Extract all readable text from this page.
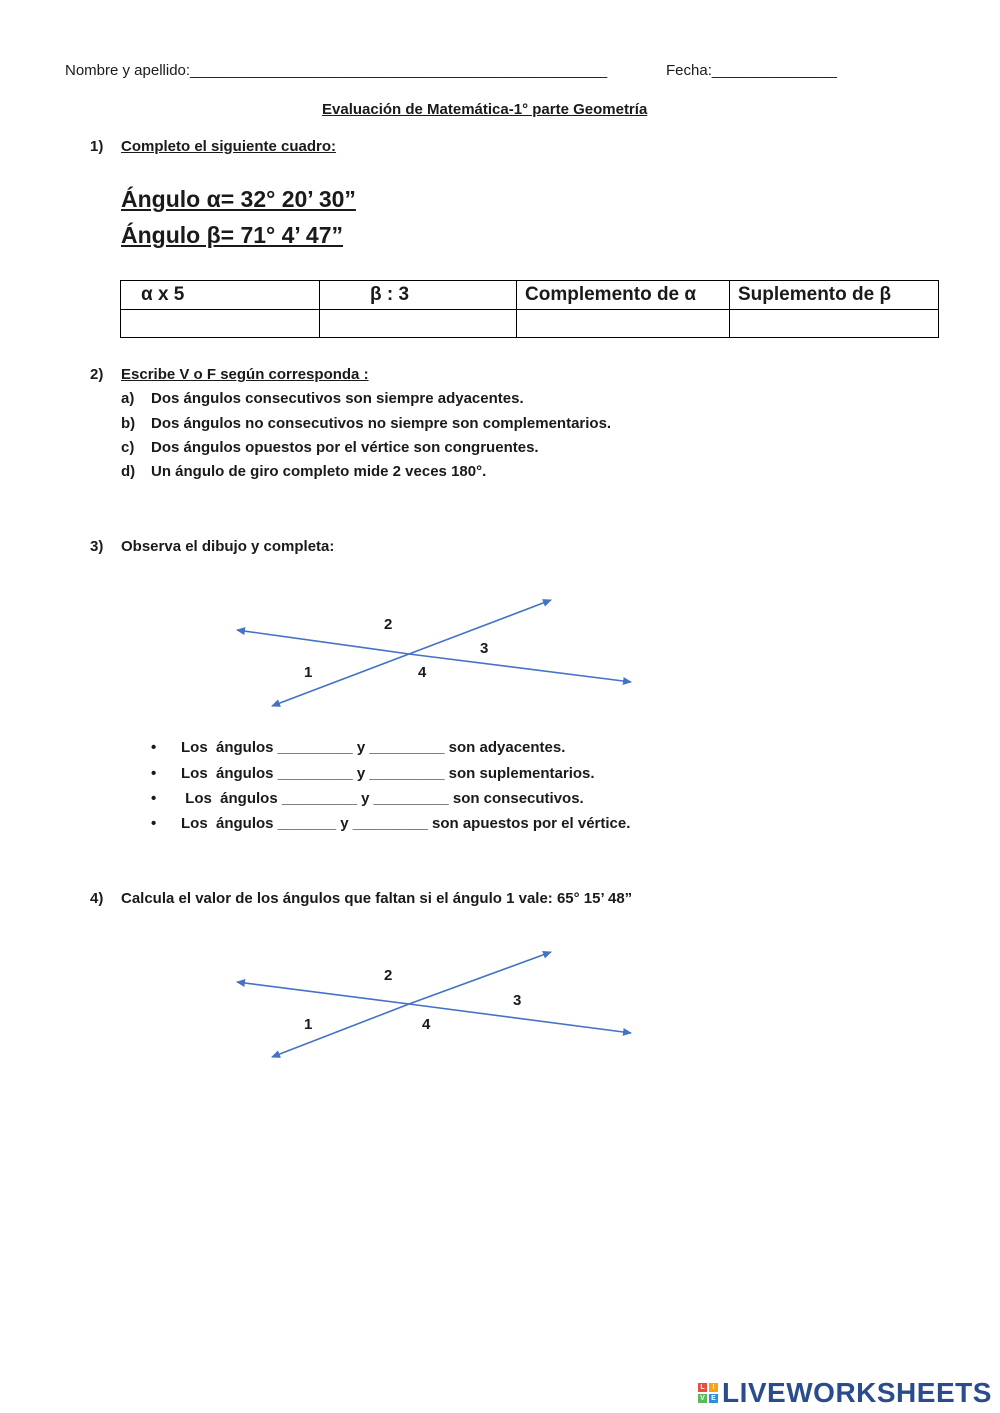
Nombre y apellido:__________________________________________________	Fecha:_______________
Evaluación de Matemática-1° parte Geometría
1) Completo el siguiente cuadro:
Ángulo α= 32° 20’ 30”
Ángulo β= 71° 4’ 47”
α x 5	β : 3	Complemento de α	Suplemento de β

2) Escribe V o F según corresponda :
a) Dos ángulos consecutivos son siempre adyacentes.
b) Dos ángulos no consecutivos no siempre son complementarios.
c) Dos ángulos opuestos por el vértice son congruentes.
d) Un ángulo de giro completo mide 2 veces 180°.
3) Observa el dibujo y completa:
1
2
3
4
1
2
3
4
• Los  ángulos _________ y _________ son adyacentes.
• Los  ángulos _________ y _________ son suplementarios.
• Los  ángulos _________ y _________ son consecutivos.
• Los  ángulos _______ y _________ son apuestos por el vértice.
4) Calcula el valor de los ángulos que faltan si el ángulo 1 vale: 65° 15’ 48”
L	I
V E LIVEWORKSHEETS
